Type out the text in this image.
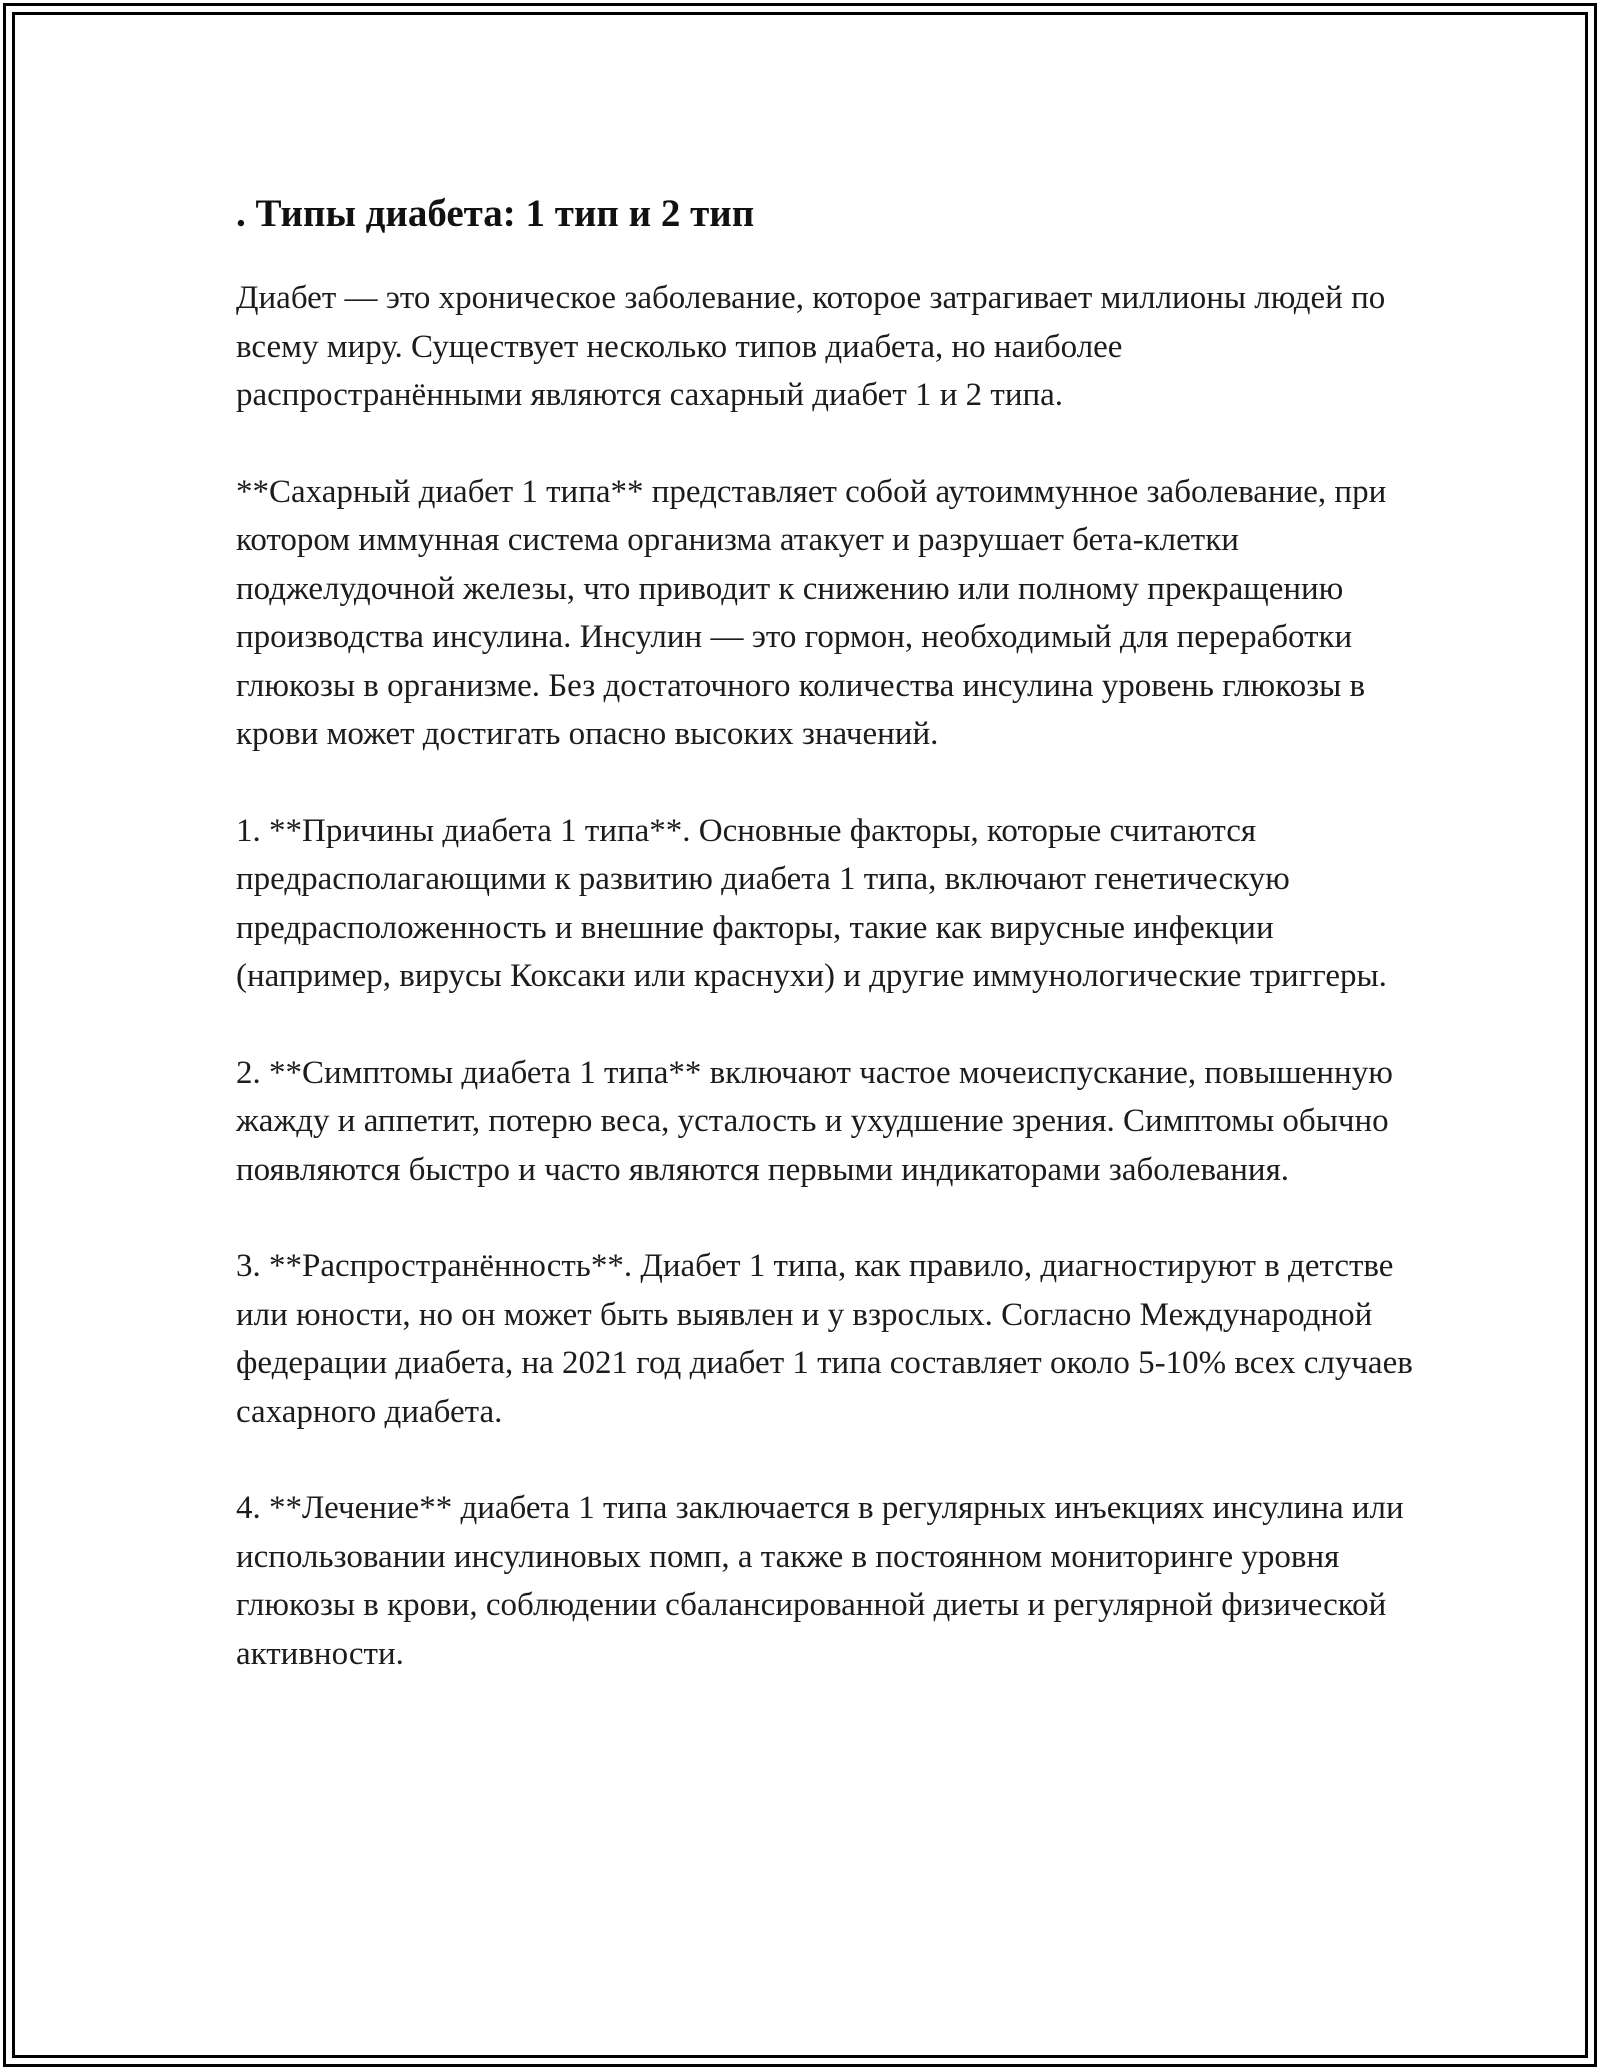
. Типы диабета: 1 тип и 2 тип

Диабет — это хроническое заболевание, которое затрагивает миллионы людей по всему миру. Существует несколько типов диабета, но наиболее распространёнными являются сахарный диабет 1 и 2 типа.

**Сахарный диабет 1 типа** представляет собой аутоиммунное заболевание, при котором иммунная система организма атакует и разрушает бета-клетки поджелудочной железы, что приводит к снижению или полному прекращению производства инсулина. Инсулин — это гормон, необходимый для переработки глюкозы в организме. Без достаточного количества инсулина уровень глюкозы в крови может достигать опасно высоких значений.

1. **Причины диабета 1 типа**. Основные факторы, которые считаются предрасполагающими к развитию диабета 1 типа, включают генетическую предрасположенность и внешние факторы, такие как вирусные инфекции (например, вирусы Коксаки или краснухи) и другие иммунологические триггеры.

2. **Симптомы диабета 1 типа** включают частое мочеиспускание, повышенную жажду и аппетит, потерю веса, усталость и ухудшение зрения. Симптомы обычно появляются быстро и часто являются первыми индикаторами заболевания.

3. **Распространённость**. Диабет 1 типа, как правило, диагностируют в детстве или юности, но он может быть выявлен и у взрослых. Согласно Международной федерации диабета, на 2021 год диабет 1 типа составляет около 5-10% всех случаев сахарного диабета.

4. **Лечение** диабета 1 типа заключается в регулярных инъекциях инсулина или использовании инсулиновых помп, а также в постоянном мониторинге уровня глюкозы в крови, соблюдении сбалансированной диеты и регулярной физической активности.
